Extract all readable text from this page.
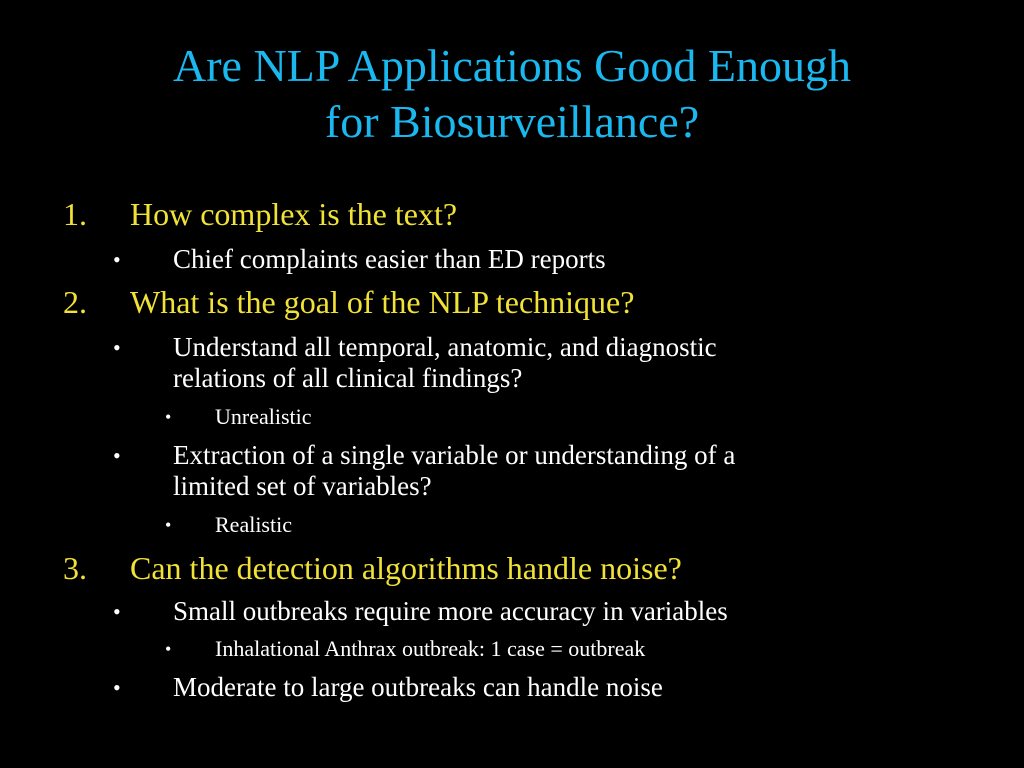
Are NLP Applications Good Enough
for Biosurveillance?
1. How complex is the text?
• Chief complaints easier than ED reports
2. What is the goal of the NLP technique?
• Understand all temporal, anatomic, and diagnostic
relations of all clinical findings?
• Unrealistic
• Extraction of a single variable or understanding of a
limited set of variables?
• Realistic
3. Can the detection algorithms handle noise?
• Small outbreaks require more accuracy in variables
• Inhalational Anthrax outbreak: 1 case = outbreak
• Moderate to large outbreaks can handle noise
